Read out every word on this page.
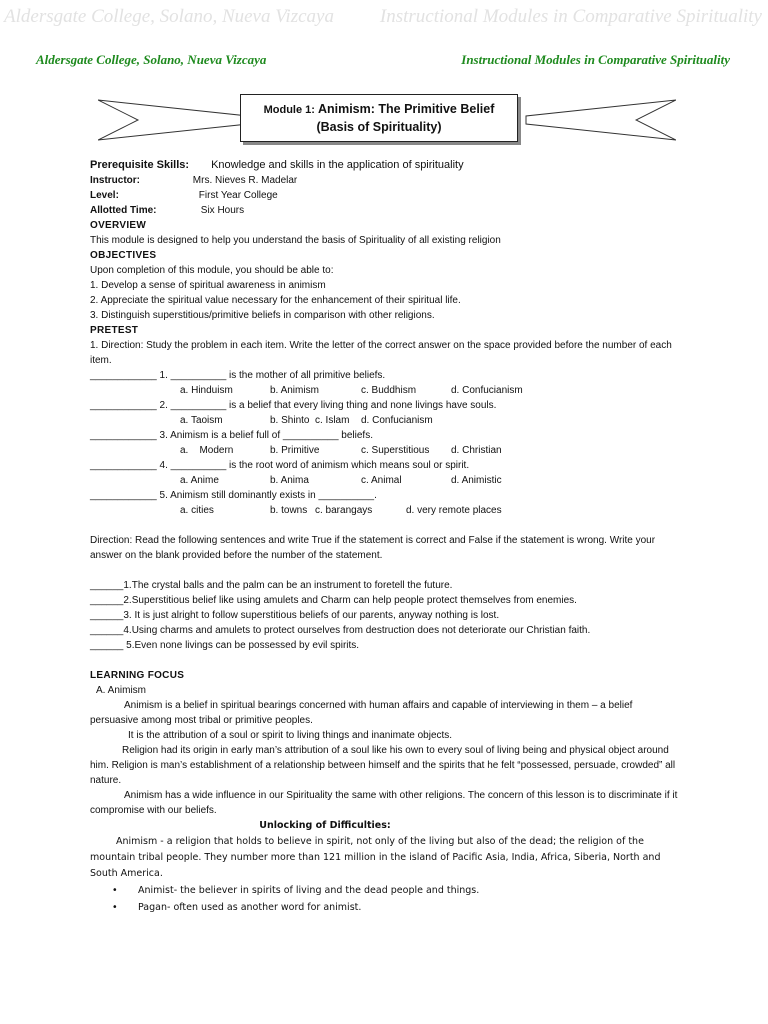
Aldersgate College, Solano, Nueva Vizcaya Instructional Modules in Comparative Spirituality
Aldersgate College, Solano, Nueva Vizcaya	Instructional Modules in Comparative Spirituality
Module 1: Animism: The Primitive Belief
(Basis of Spirituality)
Prerequisite Skills: Knowledge and skills in the application of spirituality
Instructor:	Mrs. Nieves R. Madelar
Level:	First Year College
Allotted Time:	Six Hours
OVERVIEW
This module is designed to help you understand the basis of Spirituality of all existing religion
OBJECTIVES
Upon completion of this module, you should be able to:
1. Develop a sense of spiritual awareness in animism
2. Appreciate the spiritual value necessary for the enhancement of their spiritual life.
3. Distinguish superstitious/primitive beliefs in comparison with other religions.
PRETEST
1. Direction: Study the problem in each item. Write the letter of the correct answer on the space provided before the number of each item.
____________ 1. __________ is the mother of all primitive beliefs.
a. Hinduism	b. Animism	c. Buddhism	d. Confucianism
____________ 2. __________ is a belief that every living thing and none livings have souls.
a. Taoism	b. Shinto c. Islam d. Confucianism
____________ 3. Animism is a belief full of __________ beliefs.
a.    Modern	b. Primitive	c. Superstitious d. Christian
____________ 4. __________ is the root word of animism which means soul or spirit.
a. Anime	b. Anima	c. Animal	d. Animistic
____________ 5. Animism still dominantly exists in __________.
a. cities	b. towns c. barangays	d. very remote places
Direction: Read the following sentences and write True if the statement is correct and False if the statement is wrong. Write your answer on the blank provided before the number of the statement.
______1.The crystal balls and the palm can be an instrument to foretell the future.
______2.Superstitious belief like using amulets and Charm can help people protect themselves from enemies.
______3. It is just alright to follow superstitious beliefs of our parents, anyway nothing is lost.
______4.Using charms and amulets to protect ourselves from destruction does not deteriorate our Christian faith.
______ 5.Even none livings can be possessed by evil spirits.
LEARNING FOCUS
A. Animism
Animism is a belief in spiritual bearings concerned with human affairs and capable of interviewing in them – a belief persuasive among most tribal or primitive peoples.
It is the attribution of a soul or spirit to living things and inanimate objects.
Religion had its origin in early man’s attribution of a soul like his own to every soul of living being and physical object around him. Religion is man’s establishment of a relationship between himself and the spirits that he felt “possessed, persuade, crowded” all nature.
Animism has a wide influence in our Spirituality the same with other religions. The concern of this lesson is to discriminate if it compromise with our beliefs.
Unlocking of Difficulties:
Animism - a religion that holds to believe in spirit, not only of the living but also of the dead; the religion of the mountain tribal people. They number more than 121 million in the island of Pacific Asia, India, Africa, Siberia, North and South America.
• Animist- the believer in spirits of living and the dead people and things.
• Pagan- often used as another word for animist.
